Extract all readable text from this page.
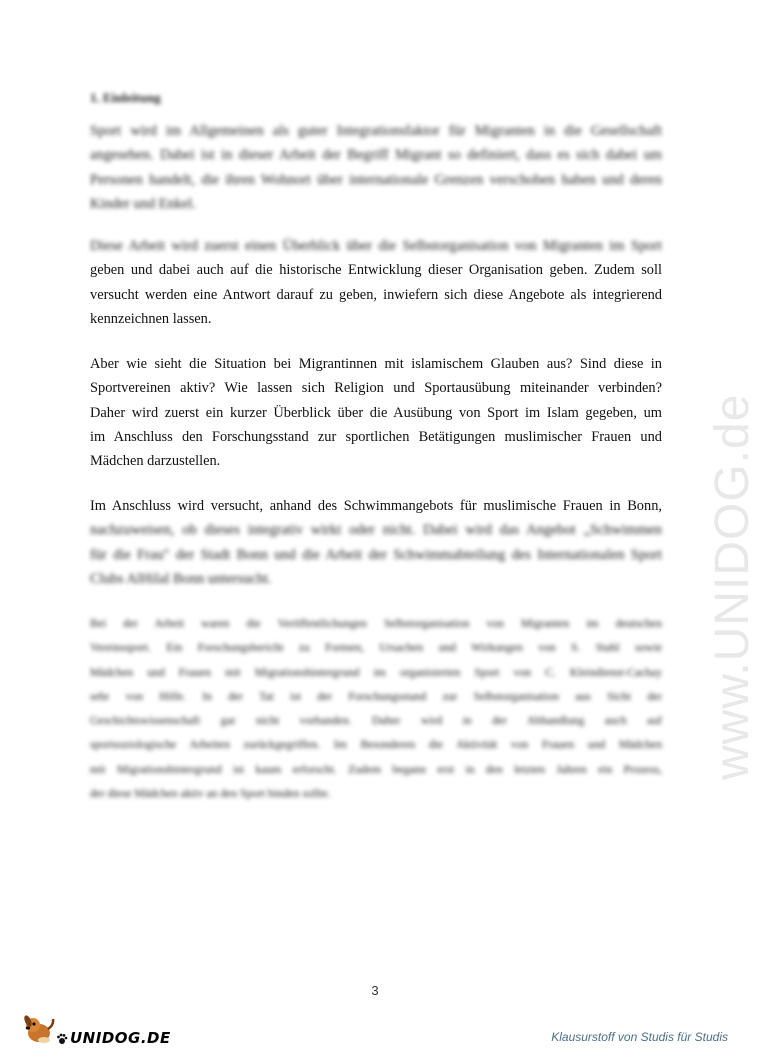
1. Einleitung
Sport wird im Allgemeinen als guter Integrationsfaktor für Migranten in die Gesellschaft
angesehen. Dabei ist in dieser Arbeit der Begriff Migrant so definiert, dass es sich dabei um
Personen handelt, die ihren Wohnort über internationale Grenzen verschoben haben und deren
Kinder und Enkel.
Diese Arbeit wird zuerst einen Überblick über die Selbstorganisation von Migranten im Sport
geben und dabei auch auf die historische Entwicklung dieser Organisation geben. Zudem soll
versucht werden eine Antwort darauf zu geben, inwiefern sich diese Angebote als integrierend
kennzeichnen lassen.
Aber wie sieht die Situation bei Migrantinnen mit islamischem Glauben aus? Sind diese in
Sportvereinen aktiv? Wie lassen sich Religion und Sportausübung miteinander verbinden?
Daher wird zuerst ein kurzer Überblick über die Ausübung von Sport im Islam gegeben, um
im Anschluss den Forschungsstand zur sportlichen Betätigungen muslimischer Frauen und
Mädchen darzustellen.
Im Anschluss wird versucht, anhand des Schwimmangebots für muslimische Frauen in Bonn,
nachzuweisen, ob dieses integrativ wirkt oder nicht. Dabei wird das Angebot „Schwimmen
für die Frau" der Stadt Bonn und die Arbeit der Schwimmabteilung des Internationalen Sport
Clubs AlHilal Bonn untersucht.
Bei der Arbeit waren die Veröffentlichungen Selbstorganisation von Migranten im deutschen
Vereinssport. Ein Forschungsbericht zu Formen, Ursachen und Wirkungen von S. Stahl sowie
Mädchen und Frauen mit Migrationshintergrund im organisierten Sport von C. Kleindienst-Cachay
sehr von Hilfe. In der Tat ist der Forschungsstand zur Selbstorganisation aus Sicht der
Geschichtswissenschaft gar nicht vorhanden. Daher wird in der Abhandlung auch auf
sportsoziologische Arbeiten zurückgegriffen. Im Besonderen die Aktivität von Frauen und Mädchen
mit Migrationshintergrund ist kaum erforscht. Zudem begann erst in den letzten Jahren ein Prozess,
der diese Mädchen aktiv an den Sport binden sollte.
www.UNIDOG.de
3
UNIDOG.DE	Klausurstoff von Studis für Studis
